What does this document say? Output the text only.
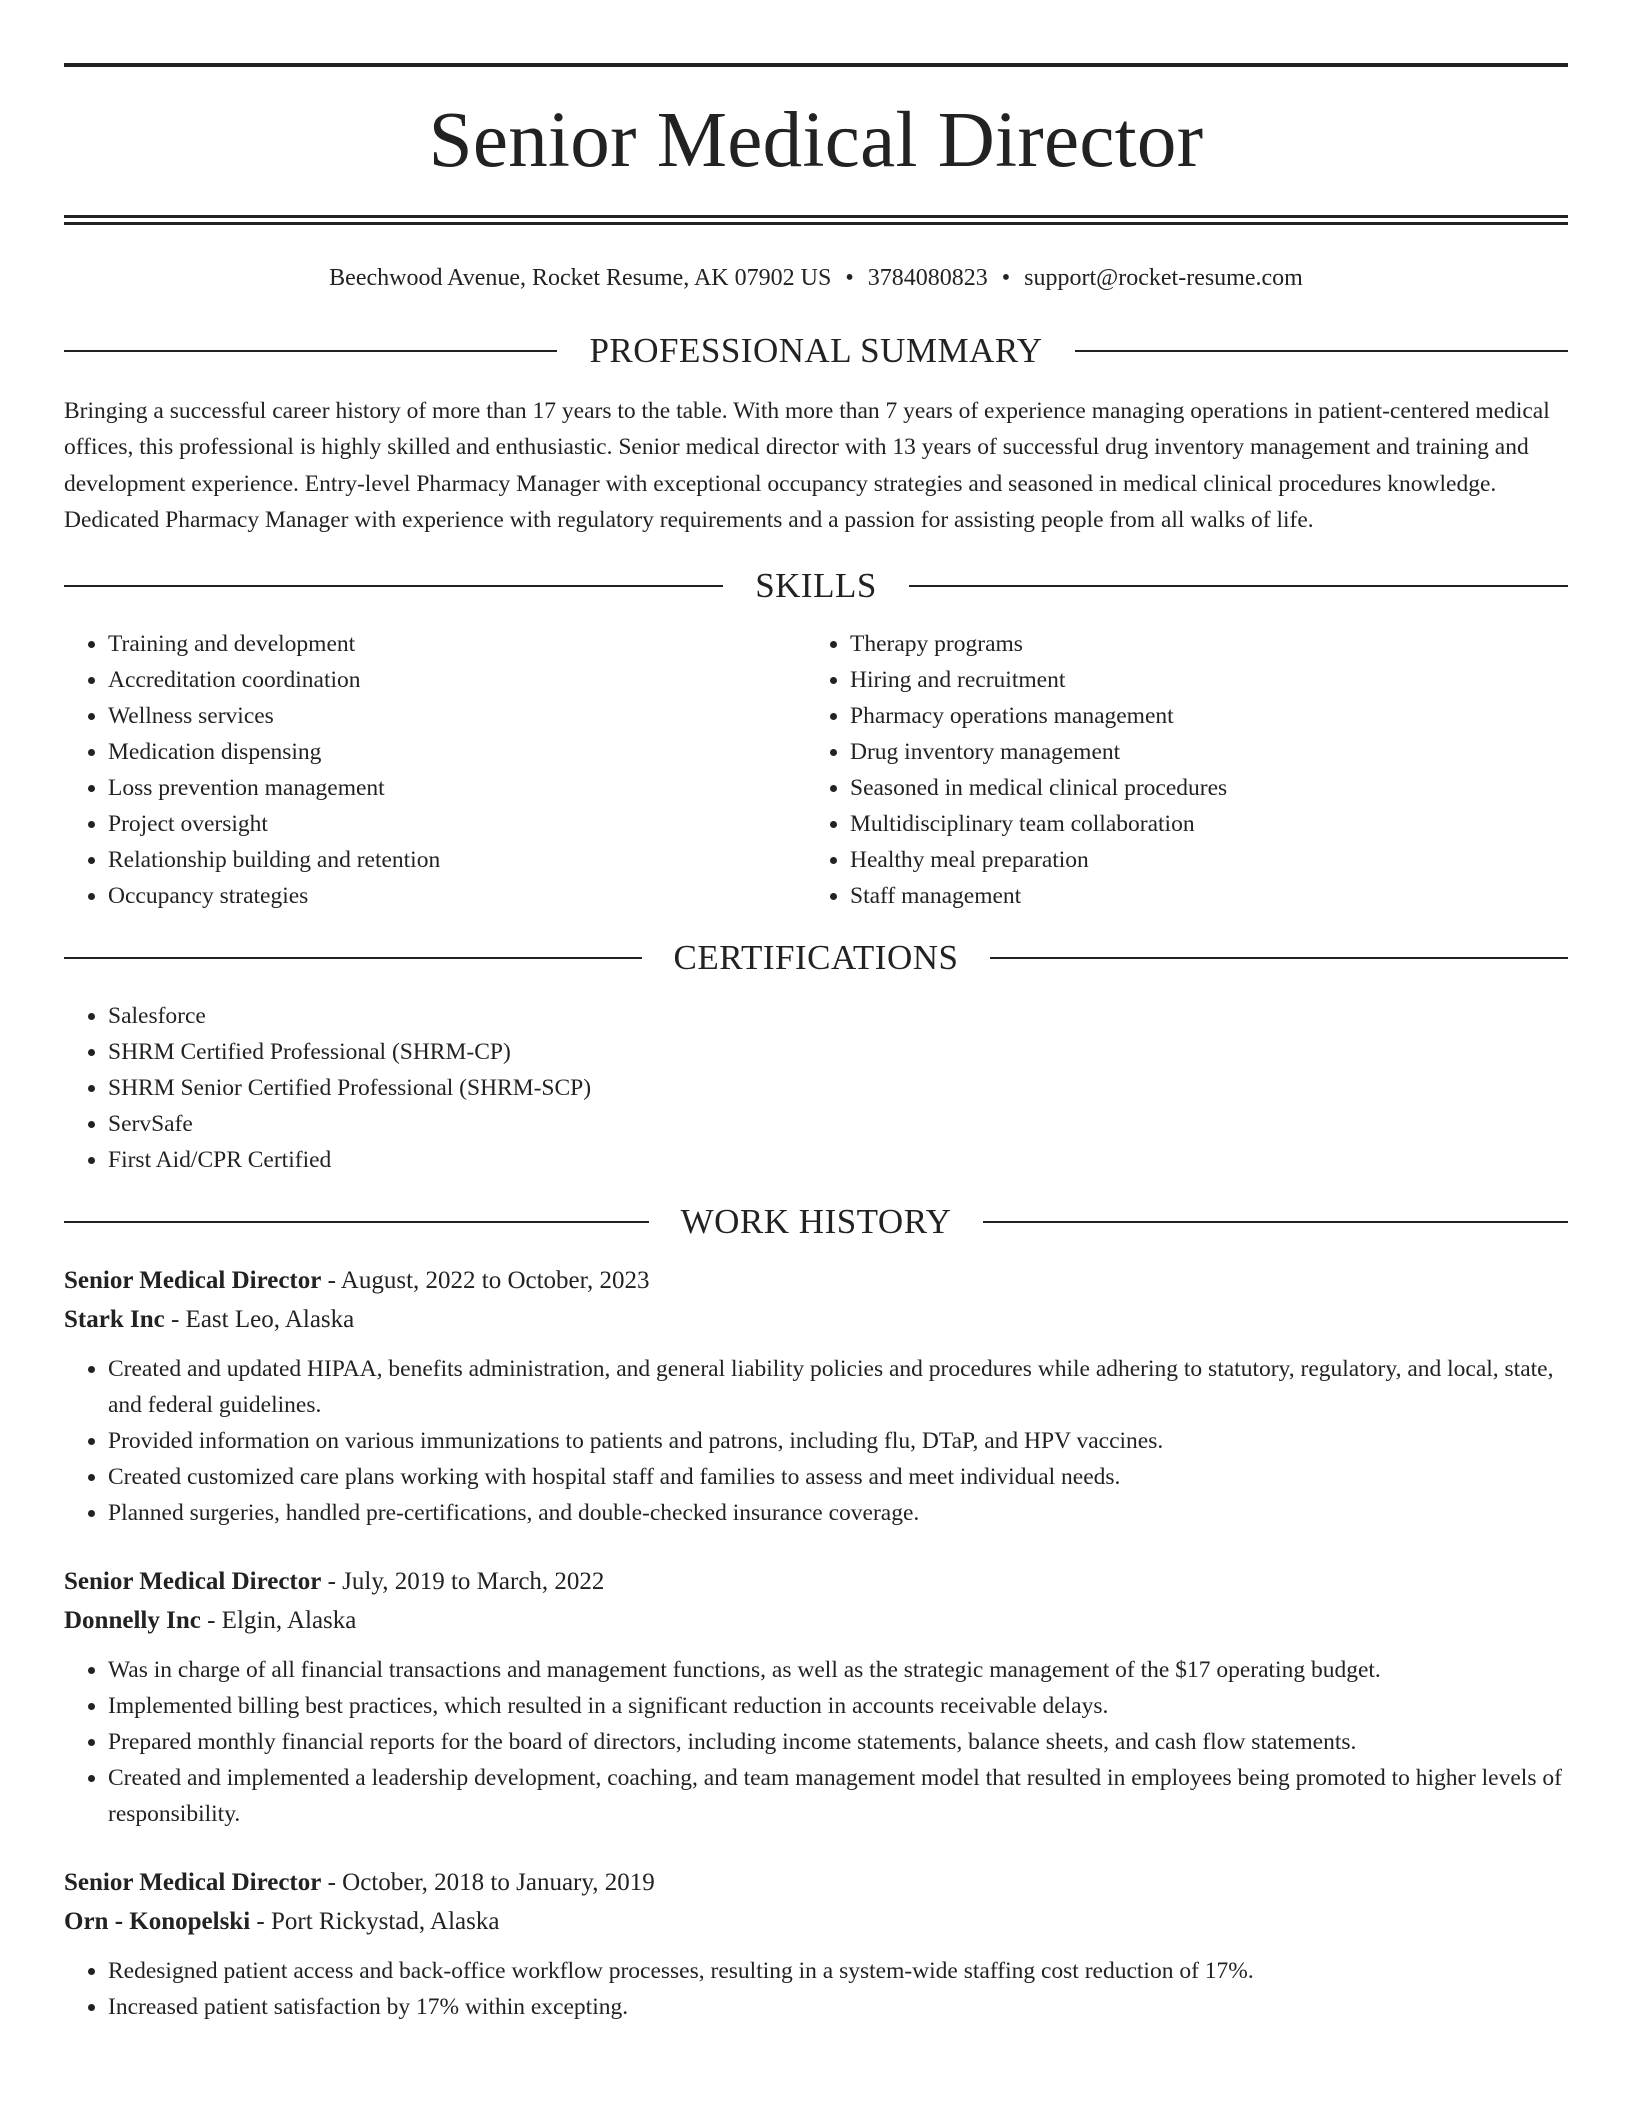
Senior Medical Director
Beechwood Avenue, Rocket Resume, AK 07902 US • 3784080823 • support@rocket-resume.com
PROFESSIONAL SUMMARY

Bringing a successful career history of more than 17 years to the table. With more than 7 years of experience managing operations in patient-centered medical offices, this professional is highly skilled and enthusiastic. Senior medical director with 13 years of successful drug inventory management and training and development experience. Entry-level Pharmacy Manager with exceptional occupancy strategies and seasoned in medical clinical procedures knowledge. Dedicated Pharmacy Manager with experience with regulatory requirements and a passion for assisting people from all walks of life.

SKILLS
• Training and development
• Accreditation coordination
• Wellness services
• Medication dispensing
• Loss prevention management
• Project oversight
• Relationship building and retention
• Occupancy strategies
• Therapy programs
• Hiring and recruitment
• Pharmacy operations management
• Drug inventory management
• Seasoned in medical clinical procedures
• Multidisciplinary team collaboration
• Healthy meal preparation
• Staff management
CERTIFICATIONS
• Salesforce
• SHRM Certified Professional (SHRM-CP)
• SHRM Senior Certified Professional (SHRM-SCP)
• ServSafe
• First Aid/CPR Certified
WORK HISTORY
Senior Medical Director - August, 2022 to October, 2023
Stark Inc - East Leo, Alaska
• Created and updated HIPAA, benefits administration, and general liability policies and procedures while adhering to statutory, regulatory, and local, state, and federal guidelines.
• Provided information on various immunizations to patients and patrons, including flu, DTaP, and HPV vaccines.
• Created customized care plans working with hospital staff and families to assess and meet individual needs.
• Planned surgeries, handled pre-certifications, and double-checked insurance coverage.
Senior Medical Director - July, 2019 to March, 2022
Donnelly Inc - Elgin, Alaska
• Was in charge of all financial transactions and management functions, as well as the strategic management of the $17 operating budget.
• Implemented billing best practices, which resulted in a significant reduction in accounts receivable delays.
• Prepared monthly financial reports for the board of directors, including income statements, balance sheets, and cash flow statements.
• Created and implemented a leadership development, coaching, and team management model that resulted in employees being promoted to higher levels of responsibility.
Senior Medical Director - October, 2018 to January, 2019
Orn - Konopelski - Port Rickystad, Alaska
• Redesigned patient access and back-office workflow processes, resulting in a system-wide staffing cost reduction of 17%.
• Increased patient satisfaction by 17% within excepting.
